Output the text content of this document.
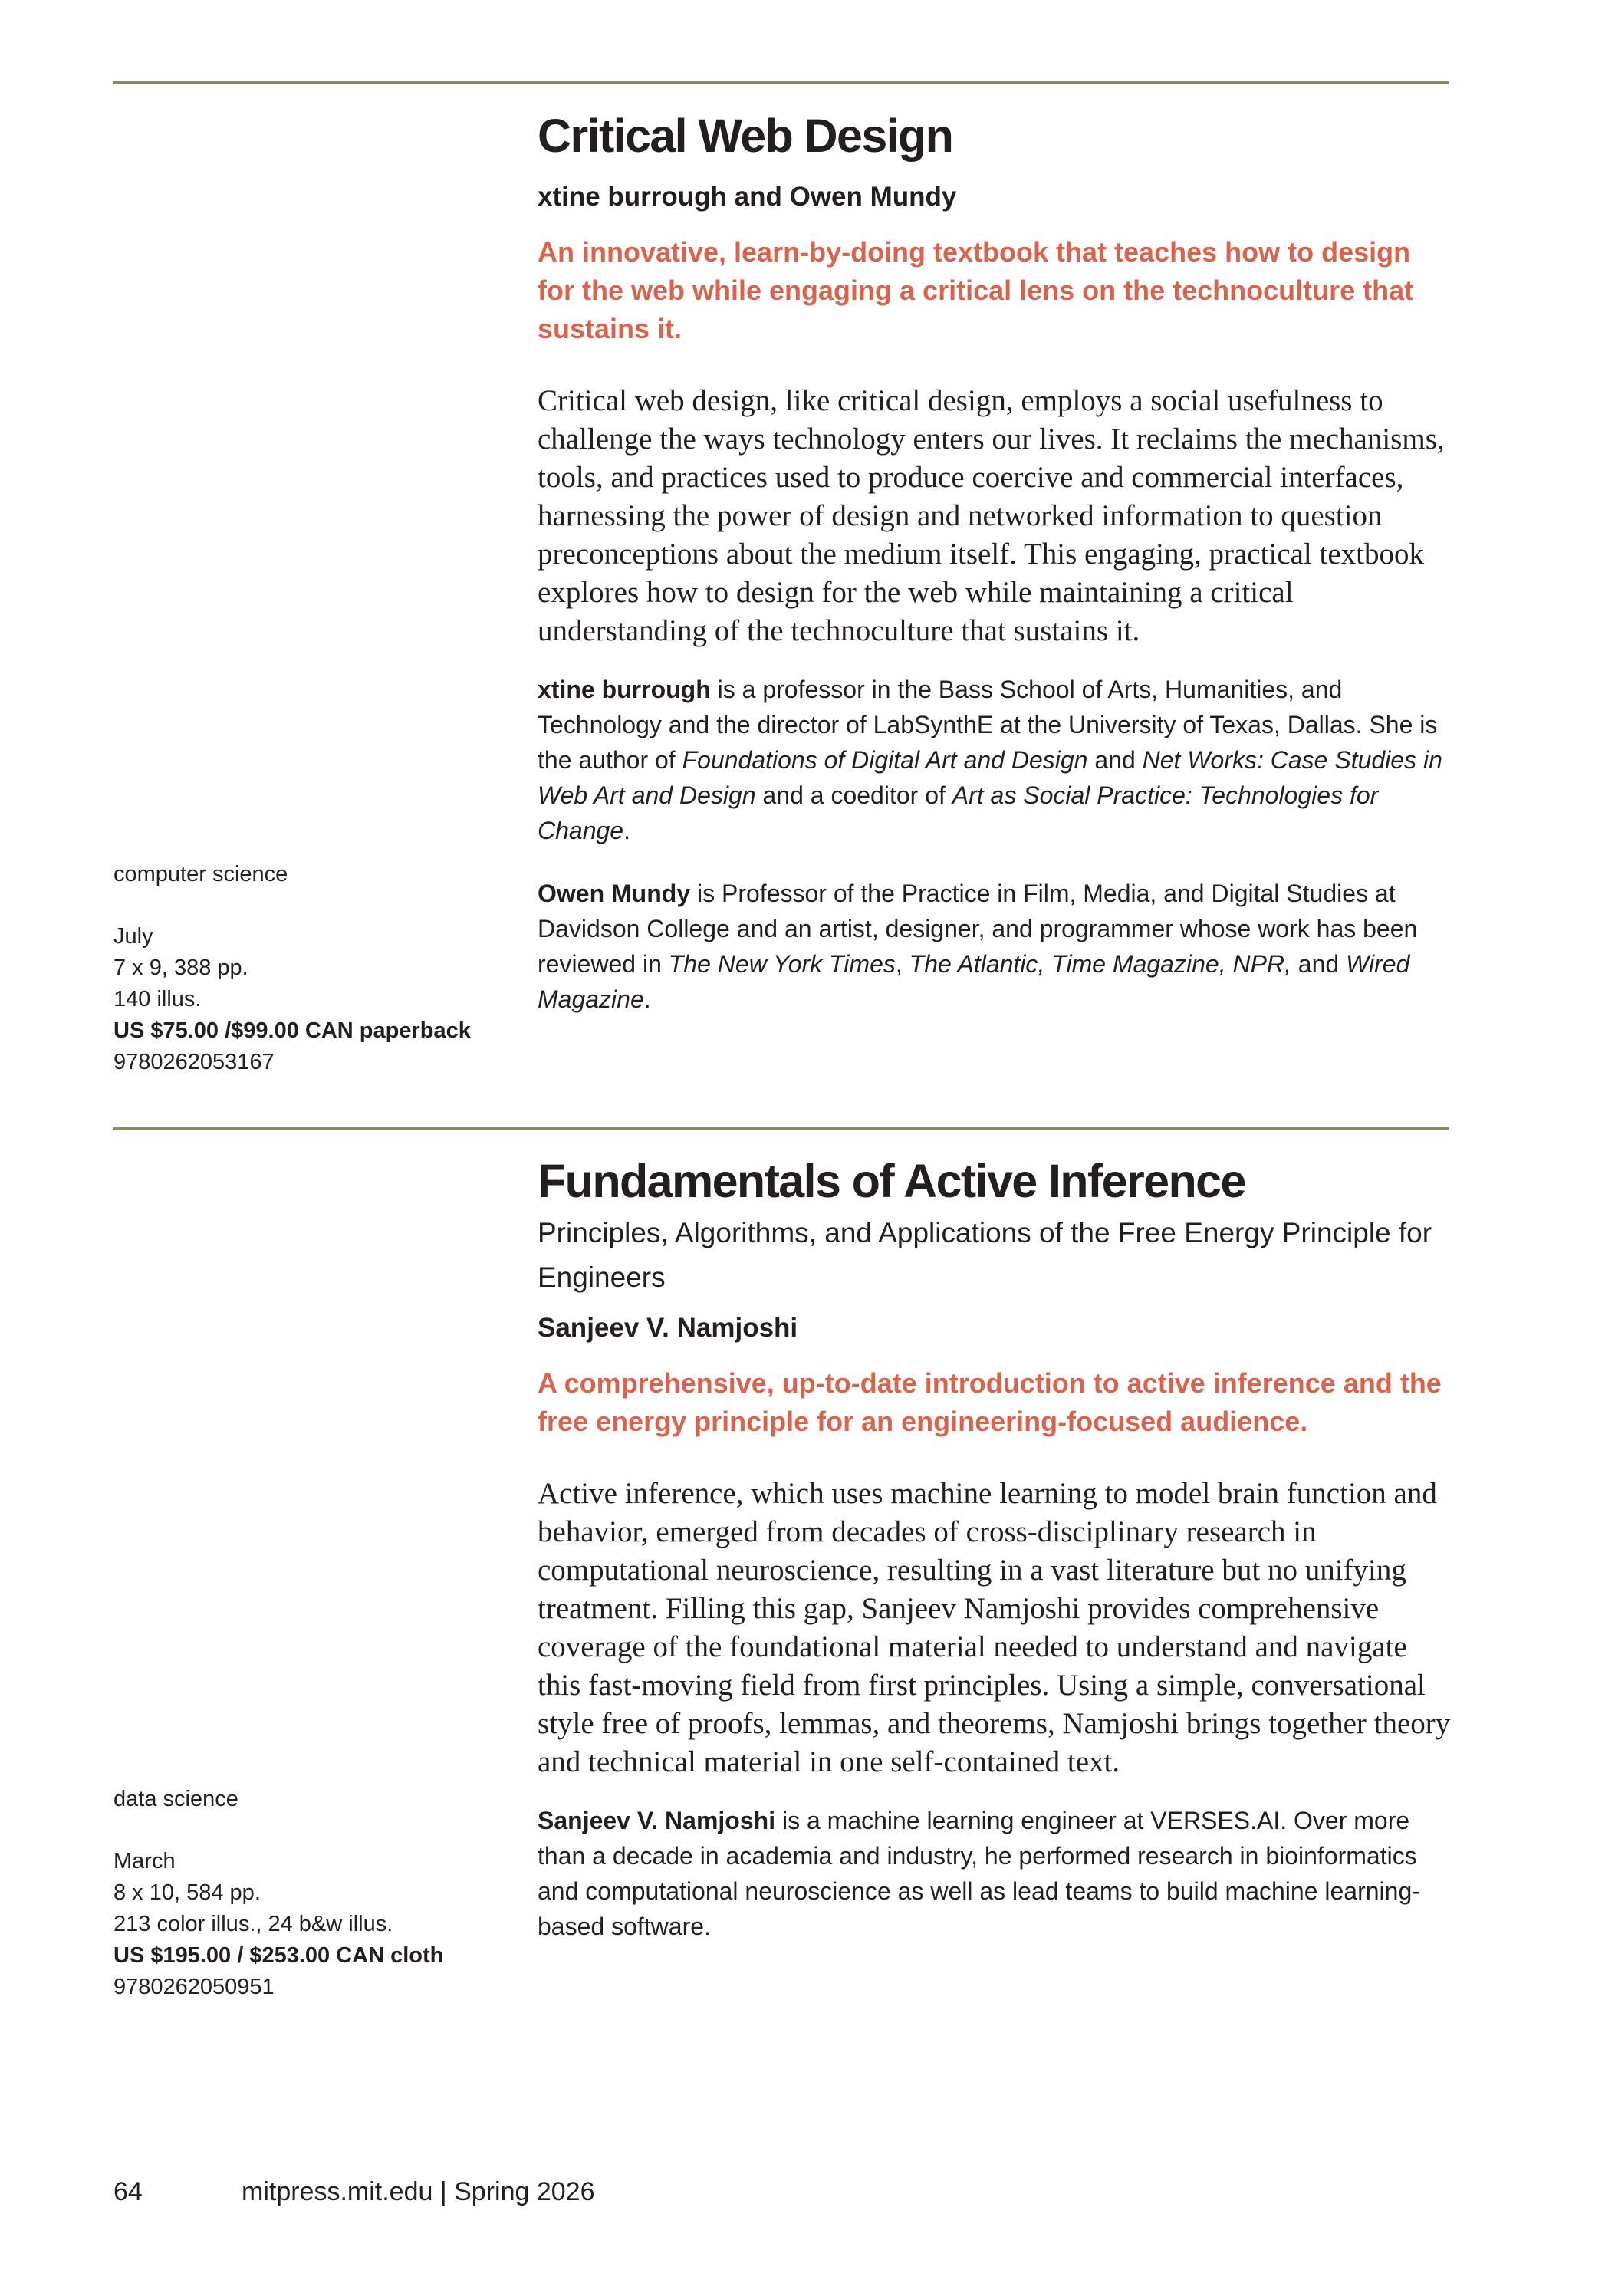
Critical Web Design

xtine burrough and Owen Mundy

An innovative, learn-by-doing textbook that teaches how to design for the web while engaging a critical lens on the technoculture that sustains it.

Critical web design, like critical design, employs a social usefulness to challenge the ways technology enters our lives. It reclaims the mechanisms, tools, and practices used to produce coercive and commercial interfaces, harnessing the power of design and networked information to question preconceptions about the medium itself. This engaging, practical textbook explores how to design for the web while maintaining a critical understanding of the technoculture that sustains it.

xtine burrough is a professor in the Bass School of Arts, Humanities, and Technology and the director of LabSynthE at the University of Texas, Dallas. She is the author of Foundations of Digital Art and Design and Net Works: Case Studies in Web Art and Design and a coeditor of Art as Social Practice: Technologies for Change.

Owen Mundy is Professor of the Practice in Film, Media, and Digital Studies at Davidson College and an artist, designer, and programmer whose work has been reviewed in The New York Times, The Atlantic, Time Magazine, NPR, and Wired Magazine.

computer science

July
7 x 9, 388 pp.
140 illus.
US $75.00 /$99.00 CAN paperback
9780262053167
Fundamentals of Active Inference

Principles, Algorithms, and Applications of the Free Energy Principle for Engineers

Sanjeev V. Namjoshi

A comprehensive, up-to-date introduction to active inference and the free energy principle for an engineering-focused audience.

Active inference, which uses machine learning to model brain function and behavior, emerged from decades of cross-disciplinary research in computational neuroscience, resulting in a vast literature but no unifying treatment. Filling this gap, Sanjeev Namjoshi provides comprehensive coverage of the foundational material needed to understand and navigate this fast-moving field from first principles. Using a simple, conversational style free of proofs, lemmas, and theorems, Namjoshi brings together theory and technical material in one self-contained text.

Sanjeev V. Namjoshi is a machine learning engineer at VERSES.AI. Over more than a decade in academia and industry, he performed research in bioinformatics and computational neuroscience as well as lead teams to build machine learning-based software.

data science

March
8 x 10, 584 pp.
213 color illus., 24 b&w illus.
US $195.00 / $253.00 CAN cloth
9780262050951
64	mitpress.mit.edu | Spring 2026
